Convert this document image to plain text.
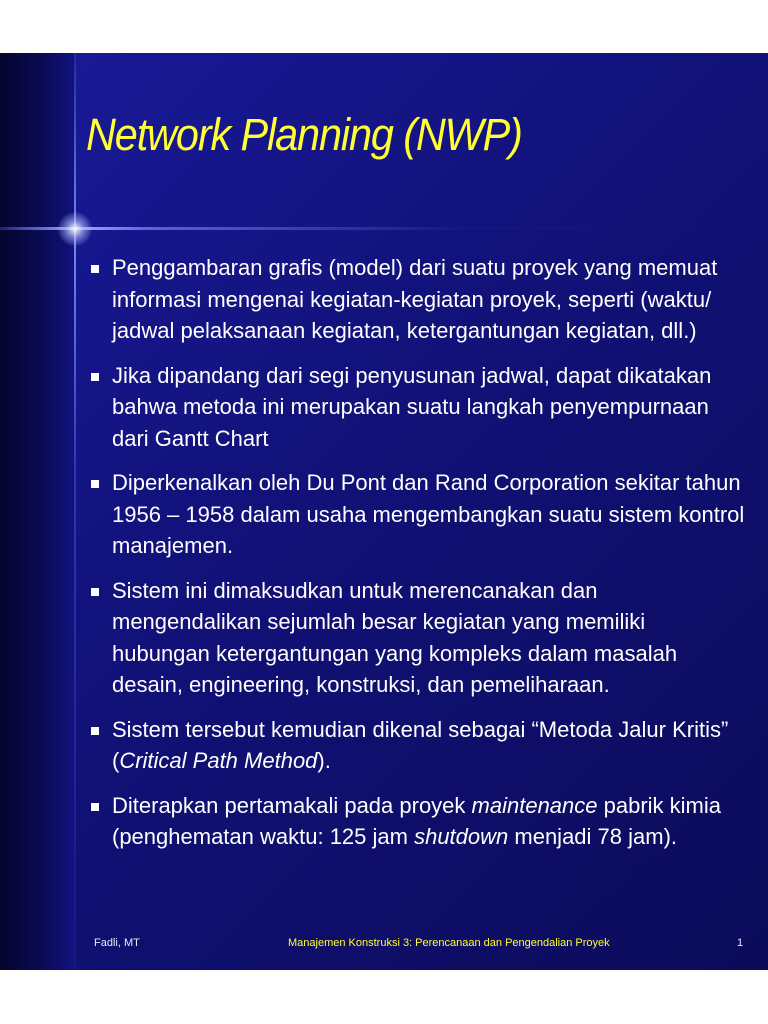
Network Planning (NWP)
Penggambaran grafis (model) dari suatu proyek yang memuat informasi mengenai kegiatan-kegiatan proyek, seperti (waktu/ jadwal pelaksanaan kegiatan, ketergantungan kegiatan, dll.)
Jika dipandang dari segi penyusunan jadwal, dapat dikatakan bahwa metoda ini merupakan suatu langkah penyempurnaan dari Gantt Chart
Diperkenalkan oleh Du Pont dan Rand Corporation sekitar tahun 1956 – 1958 dalam usaha mengembangkan suatu sistem kontrol manajemen.
Sistem ini dimaksudkan untuk merencanakan dan mengendalikan sejumlah besar kegiatan yang memiliki hubungan ketergantungan yang kompleks dalam masalah desain, engineering, konstruksi, dan pemeliharaan.
Sistem tersebut kemudian dikenal sebagai “Metoda Jalur Kritis” (Critical Path Method).
Diterapkan pertamakali pada proyek maintenance pabrik kimia (penghematan waktu: 125 jam shutdown menjadi 78 jam).
Fadli, MT	Manajemen Konstruksi 3: Perencanaan dan Pengendalian Proyek	1
